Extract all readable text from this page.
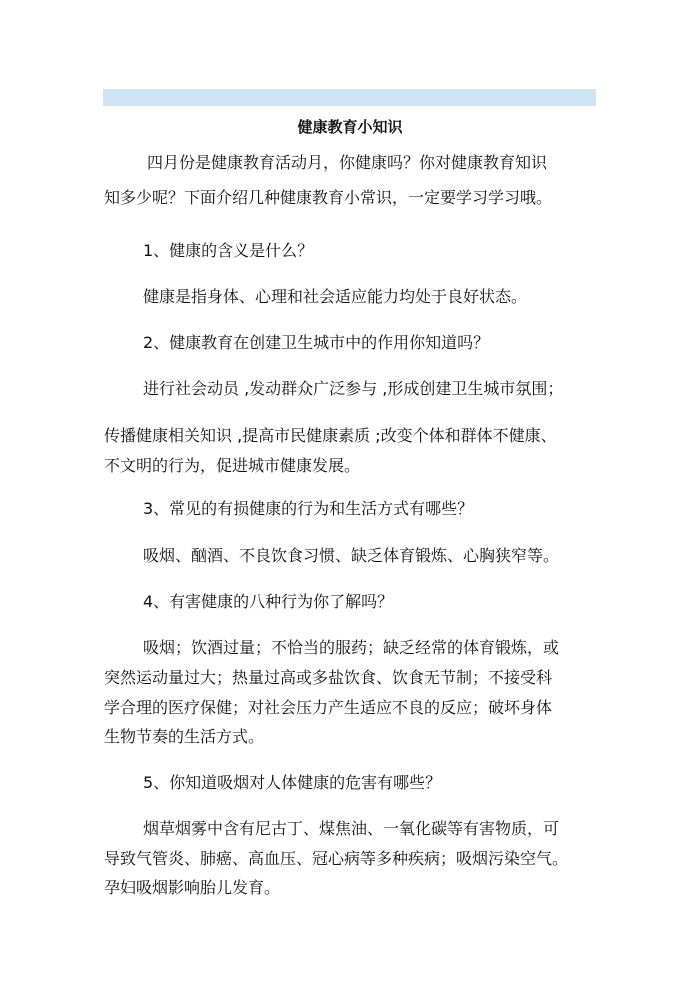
健康教育小知识
四月份是健康教育活动月，你健康吗？你对健康教育知识
知多少呢？下面介绍几种健康教育小常识，一定要学习学习哦。
1、健康的含义是什么？
健康是指身体、心理和社会适应能力均处于良好状态。
2、健康教育在创建卫生城市中的作用你知道吗？
进行社会动员 ,发动群众广泛参与 ,形成创建卫生城市氛围；
传播健康相关知识 ,提高市民健康素质 ;改变个体和群体不健康、
不文明的行为，促进城市健康发展。
3、常见的有损健康的行为和生活方式有哪些？
吸烟、酗酒、不良饮食习惯、缺乏体育锻炼、心胸狭窄等。
4、有害健康的八种行为你了解吗？
吸烟；饮酒过量；不恰当的服药；缺乏经常的体育锻炼，或
突然运动量过大；热量过高或多盐饮食、饮食无节制；不接受科
学合理的医疗保健；对社会压力产生适应不良的反应；破坏身体
生物节奏的生活方式。
5、你知道吸烟对人体健康的危害有哪些？
烟草烟雾中含有尼古丁、煤焦油、一氧化碳等有害物质，可
导致气管炎、肺癌、高血压、冠心病等多种疾病；吸烟污染空气。
孕妇吸烟影响胎儿发育。
